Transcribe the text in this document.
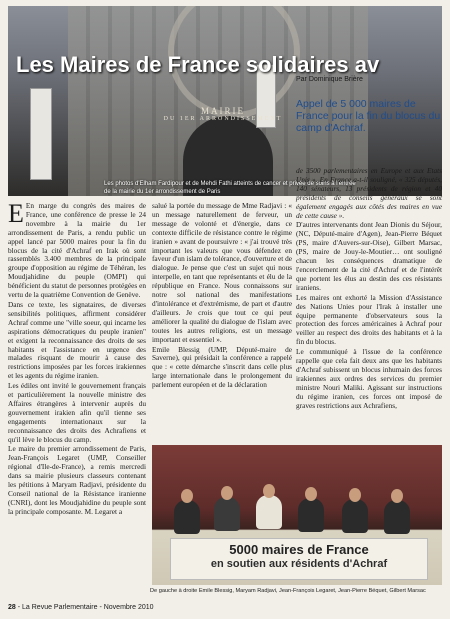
MAIRIE
DU 1ER ARRONDISSEMENT
Les Maires de France solidaires av
Les photos d'Elham Fardipour et de Mehdi Fathi atteints de cancer et privée de soins à l'entrée de la mairie du 1er arrondissement de Paris
Par Dominique Brière
Appel de 5 000 maires de France pour la fin du blocus du camp d'Achraf.

E En marge du congrès des maires de France, une conférence de presse le 24 novembre à la mairie du 1er arrondissement de Paris, a rendu public un appel lancé par 5000 maires pour la fin du blocus de la cité d'Achraf en Irak où sont rassemblés 3.400 membres de la principale groupe d'opposition au régime de Téhéran, les Moudjahidine du peuple (OMPI) qui bénéficient du statut de personnes protégées en vertu de la quatrième Convention de Genève.

Dans ce texte, les signataires, de diverses sensibilités politiques, affirment considérer Achraf comme une "ville soeur, qui incarne les aspirations démocratiques du peuple iranien" et exigent la reconnaissance des droits de ses habitants et l'assistance en urgence des malades risquant de mourir à cause des restrictions imposées par les forces irakiennes et les agents du régime iranien.

Les édiles ont invité le gouvernement français et particulièrement la nouvelle ministre des Affaires étrangères à intervenir auprès du gouvernement irakien afin qu'il tienne ses engagements internationaux sur la reconnaissance des droits des Achrafiens et qu'il lève le blocus du camp.

Le maire du premier arrondissement de Paris, Jean-François Legaret (UMP, Conseiller régional d'Ile-de-France), a remis mercredi dans sa mairie plusieurs classeurs contenant les pétitions à Maryam Radjavi, présidente du Conseil national de la Résistance iranienne (CNRI), dont les Moudjahidine du peuple sont la principale composante. M. Legaret a

salué la portée du message de Mme Radjavi : « un message naturellement de ferveur, un message de volonté et d'énergie, dans ce contexte difficile de résistance contre le régime iranien » avant de poursuivre : « j'ai trouvé très important les valeurs que vous défendez en faveur d'un islam de tolérance, d'ouverture et de dialogue. Je pense que c'est un sujet qui nous interpelle, en tant que représentants et élu de la république en France. Nous connaissons sur notre sol national des manifestations d'intolérance et d'extrémisme, de part et d'autre d'ailleurs. Je crois que tout ce qui peut améliorer la qualité du dialogue de l'islam avec toutes les autres religions, est un message important et essentiel ».

Emile Blessig (UMP, Député-maire de Saverne), qui présidait la conférence a rappelé que : « cette démarche s'inscrit dans celle plus large internationale dans le prolongement du parlement européen et de la déclaration

de 3500 parlementaires en Europe et aux Etats Unis ». En France a-t-il souligné, « 325 députés, 140 sénateurs, 13 présidents de région et 40 présidents de conseils généraux se sont également engagés aux côtés des maires en vue de cette cause ».

D'autres intervenants dont Jean Dionis du Séjour, (NC, Député-maire d'Agen), Jean-Pierre Béquet (PS, maire d'Auvers-sur-Oise), Gilbert Marsac, (PS, maire de Jouy-le-Moutier… ont souligné chacun les conséquences dramatique de l'encerclement de la cité d'Achraf et de l'intérêt que portent les élus au destin des ces résistants iraniens.

Les maires ont exhorté la Mission d'Assistance des Nations Unies pour l'Irak à installer une équipe permanente d'observateurs sous la protection des forces américaines à Achraf pour veiller au respect des droits des habitants et à la fin du blocus.

Le communiqué à l'issue de la conférence rappelle que cela fait deux ans que les habitants d'Achraf subissent un blocus inhumain des forces irakiennes aux ordres des services du premier ministre Nouri Maliki. Agissant sur instructions du régime iranien, ces forces ont imposé de graves restrictions aux Achrafiens,

5000 maires de France
en soutien aux résidents d'Achraf
De gauche à droite Emile Blessig, Maryam Radjavi, Jean-François Legaret, Jean-Pierre Béquet, Gilbert Marsac
28 - La Revue Parlementaire - Novembre 2010
